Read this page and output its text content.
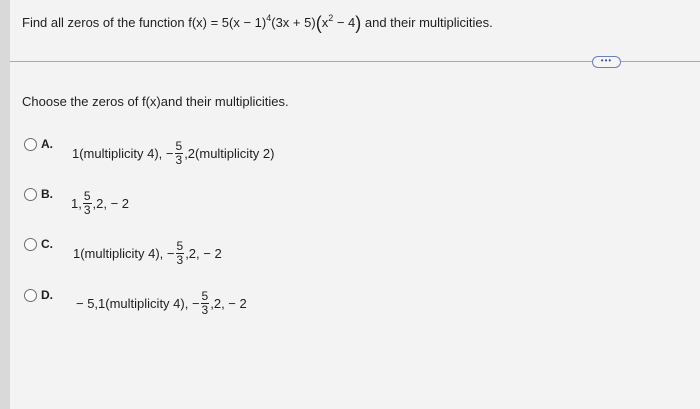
Find all zeros of the function $f(x) = 5(x - 1)^4(3x + 5)(x^2 - 4)$ and their multiplicities.
•••
Choose the zeros of f(x)and their multiplicities.
A.
1(multiplicity 4), − $\frac{5}{3}$ ,2(multiplicity 2)
B.
1, $\frac{5}{3} ,2$, − 2
C.
1(multiplicity 4), − $\frac{5}{3} ,2$, − 2
D.
− 5,1(multiplicity 4), − $\frac{5}{3} ,2$, − 2
